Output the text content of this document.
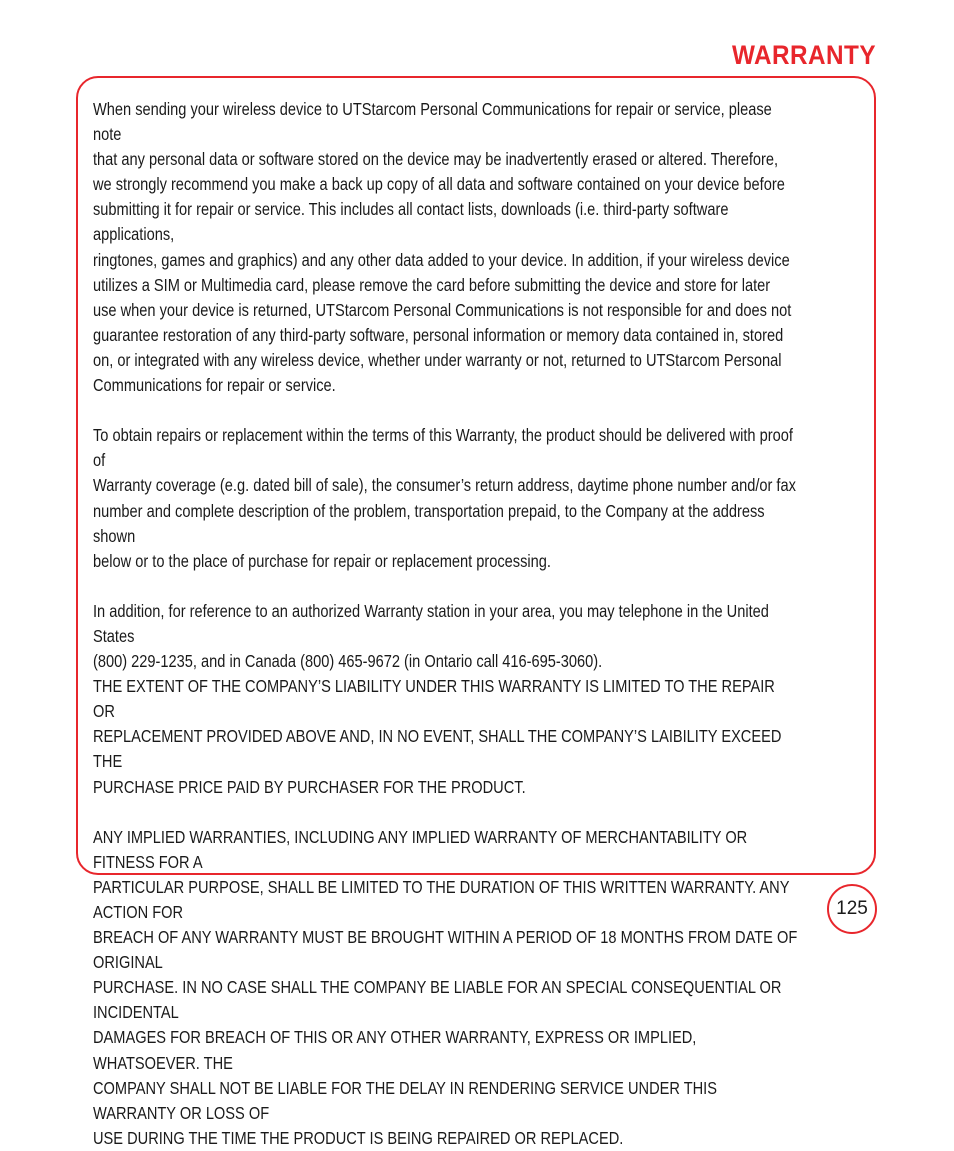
WARRANTY

When sending your wireless device to UTStarcom Personal Communications for repair or service, please note
that any personal data or software stored on the device may be inadvertently erased or altered. Therefore,
we strongly recommend you make a back up copy of all data and software contained on your device before
submitting it for repair or service. This includes all contact lists, downloads (i.e. third-party software applications,
ringtones, games and graphics) and any other data added to your device. In addition, if your wireless device
utilizes a SIM or Multimedia card, please remove the card before submitting the device and store for later
use when your device is returned, UTStarcom Personal Communications is not responsible for and does not
guarantee restoration of any third-party software, personal information or memory data contained in, stored
on, or integrated with any wireless device, whether under warranty or not, returned to UTStarcom Personal
Communications for repair or service.

To obtain repairs or replacement within the terms of this Warranty, the product should be delivered with proof of
Warranty coverage (e.g. dated bill of sale), the consumer’s return address, daytime phone number and/or fax
number and complete description of the problem, transportation prepaid, to the Company at the address shown
below or to the place of purchase for repair or replacement processing.

In addition, for reference to an authorized Warranty station in your area, you may telephone in the United States
(800) 229-1235, and in Canada (800) 465-9672 (in Ontario call 416-695-3060).

THE EXTENT OF THE COMPANY’S LIABILITY UNDER THIS WARRANTY IS LIMITED TO THE REPAIR OR
REPLACEMENT PROVIDED ABOVE AND, IN NO EVENT, SHALL THE COMPANY’S LAIBILITY EXCEED THE
PURCHASE PRICE PAID BY PURCHASER FOR THE PRODUCT.

ANY IMPLIED WARRANTIES, INCLUDING ANY IMPLIED WARRANTY OF MERCHANTABILITY OR FITNESS FOR A
PARTICULAR PURPOSE, SHALL BE LIMITED TO THE DURATION OF THIS WRITTEN WARRANTY. ANY ACTION FOR
BREACH OF ANY WARRANTY MUST BE BROUGHT WITHIN A PERIOD OF 18 MONTHS FROM DATE OF ORIGINAL
PURCHASE. IN NO CASE SHALL THE COMPANY BE LIABLE FOR AN SPECIAL CONSEQUENTIAL OR INCIDENTAL
DAMAGES FOR BREACH OF THIS OR ANY OTHER WARRANTY, EXPRESS OR IMPLIED, WHATSOEVER. THE
COMPANY SHALL NOT BE LIABLE FOR THE DELAY IN RENDERING SERVICE UNDER THIS WARRANTY OR LOSS OF
USE DURING THE TIME THE PRODUCT IS BEING REPAIRED OR REPLACED.

125
